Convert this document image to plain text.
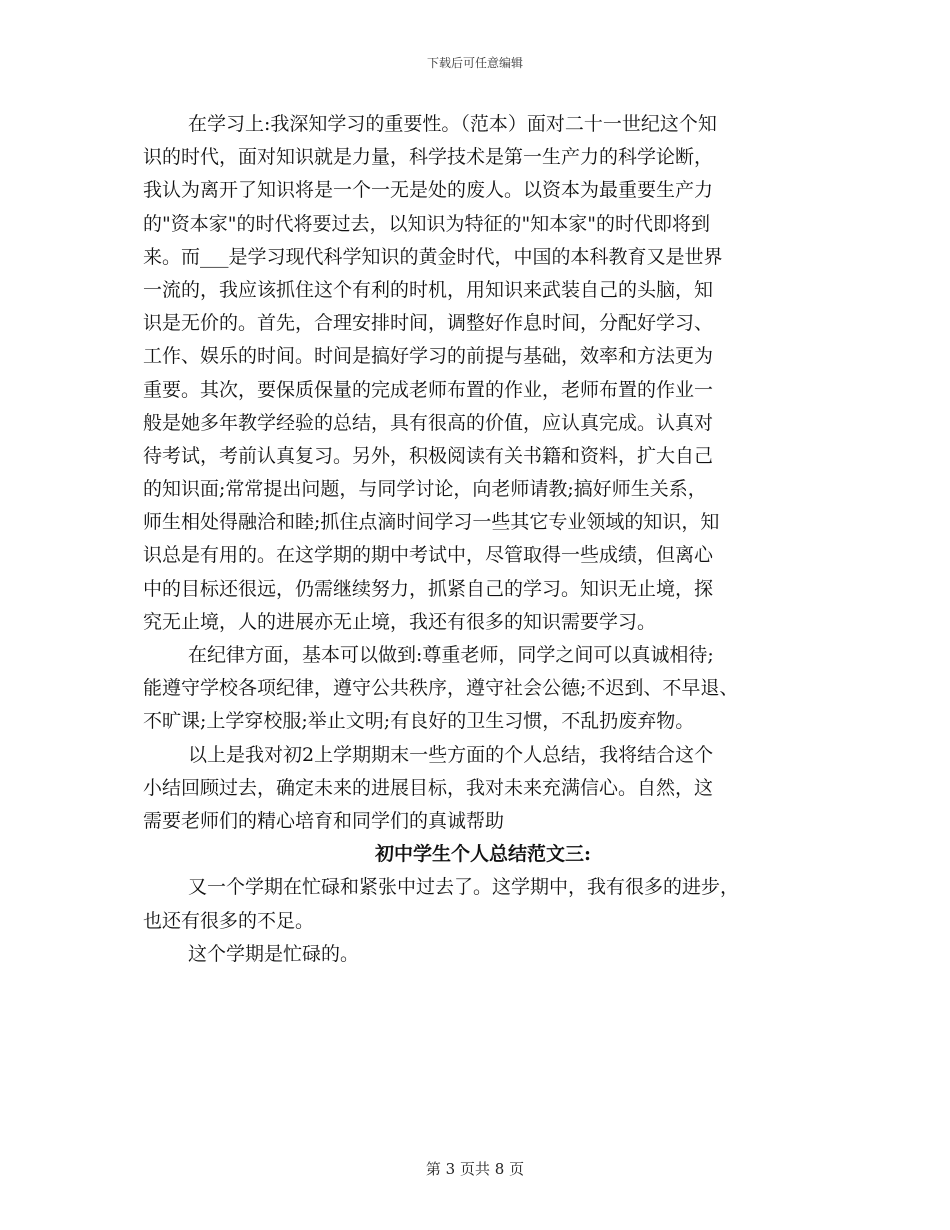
下载后可任意编辑
在学习上:我深知学习的重要性。（范本）面对二十一世纪这个知
识的时代，面对知识就是力量，科学技术是第一生产力的科学论断，
我认为离开了知识将是一个一无是处的废人。以资本为最重要生产力
的"资本家"的时代将要过去，以知识为特征的"知本家"的时代即将到
来。而___是学习现代科学知识的黄金时代，中国的本科教育又是世界
一流的，我应该抓住这个有利的时机，用知识来武装自己的头脑，知
识是无价的。首先，合理安排时间，调整好作息时间，分配好学习、
工作、娱乐的时间。时间是搞好学习的前提与基础，效率和方法更为
重要。其次，要保质保量的完成老师布置的作业，老师布置的作业一
般是她多年教学经验的总结，具有很高的价值，应认真完成。认真对
待考试，考前认真复习。另外，积极阅读有关书籍和资料，扩大自己
的知识面;常常提出问题，与同学讨论，向老师请教;搞好师生关系，
师生相处得融洽和睦;抓住点滴时间学习一些其它专业领域的知识，知
识总是有用的。在这学期的期中考试中，尽管取得一些成绩，但离心
中的目标还很远，仍需继续努力，抓紧自己的学习。知识无止境，探
究无止境，人的进展亦无止境，我还有很多的知识需要学习。
在纪律方面，基本可以做到:尊重老师，同学之间可以真诚相待;
能遵守学校各项纪律，遵守公共秩序，遵守社会公德;不迟到、不早退、
不旷课;上学穿校服;举止文明;有良好的卫生习惯，不乱扔废弃物。
以上是我对初2上学期期末一些方面的个人总结，我将结合这个
小结回顾过去，确定未来的进展目标，我对未来充满信心。自然，这
需要老师们的精心培育和同学们的真诚帮助
初中学生个人总结范文三:
又一个学期在忙碌和紧张中过去了。这学期中，我有很多的进步，
也还有很多的不足。
这个学期是忙碌的。
第 3 页共 8 页
